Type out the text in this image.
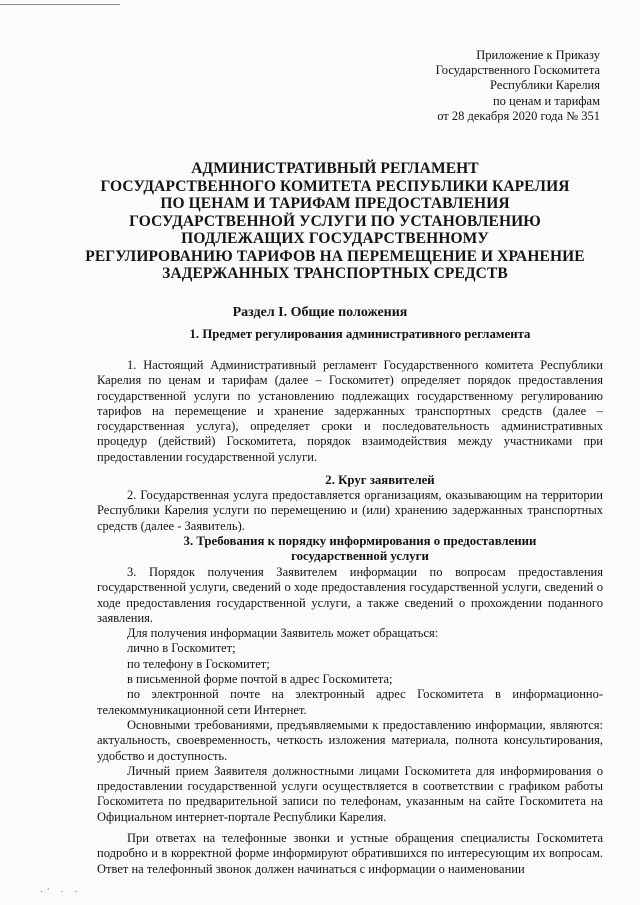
Приложение к Приказу
Государственного Госкомитета
Республики Карелия
по ценам и тарифам
от 28 декабря 2020 года № 351
АДМИНИСТРАТИВНЫЙ РЕГЛАМЕНТ
ГОСУДАРСТВЕННОГО КОМИТЕТА РЕСПУБЛИКИ КАРЕЛИЯ
ПО ЦЕНАМ И ТАРИФАМ ПРЕДОСТАВЛЕНИЯ
ГОСУДАРСТВЕННОЙ УСЛУГИ ПО УСТАНОВЛЕНИЮ
ПОДЛЕЖАЩИХ ГОСУДАРСТВЕННОМУ
РЕГУЛИРОВАНИЮ ТАРИФОВ НА ПЕРЕМЕЩЕНИЕ И ХРАНЕНИЕ
ЗАДЕРЖАННЫХ ТРАНСПОРТНЫХ СРЕДСТВ
Раздел I. Общие положения
1. Предмет регулирования административного регламента

1. Настоящий Административный регламент Государственного комитета Республики Карелия по ценам и тарифам (далее – Госкомитет) определяет порядок предоставления государственной услуги по установлению подлежащих государственному регулированию тарифов на перемещение и хранение задержанных транспортных средств (далее – государственная услуга), определяет сроки и последовательность административных процедур (действий) Госкомитета, порядок взаимодействия между участниками при предоставлении государственной услуги.

2. Круг заявителей

2. Государственная услуга предоставляется организациям, оказывающим на территории Республики Карелия услуги по перемещению и (или) хранению задержанных транспортных средств (далее - Заявитель).

3. Требования к порядку информирования о предоставлении
государственной услуги

3. Порядок получения Заявителем информации по вопросам предоставления государственной услуги, сведений о ходе предоставления государственной услуги, сведений о ходе предоставления государственной услуги, а также сведений о прохождении поданного заявления.

Для получения информации Заявитель может обращаться:

лично в Госкомитет;

по телефону в Госкомитет;

в письменной форме почтой в адрес Госкомитета;

по электронной почте на электронный адрес Госкомитета в информационно-телекоммуникационной сети Интернет.

Основными требованиями, предъявляемыми к предоставлению информации, являются: актуальность, своевременность, четкость изложения материала, полнота консультирования, удобство и доступность.

Личный прием Заявителя должностными лицами Госкомитета для информирования о предоставлении государственной услуги осуществляется в соответствии с графиком работы Госкомитета по предварительной записи по телефонам, указанным на сайте Госкомитета на Официальном интернет-портале Республики Карелия.

При ответах на телефонные звонки и устные обращения специалисты Госкомитета подробно и в корректной форме информируют обратившихся по интересующим их вопросам. Ответ на телефонный звонок должен начинаться с информации о наименовании

.· . .
